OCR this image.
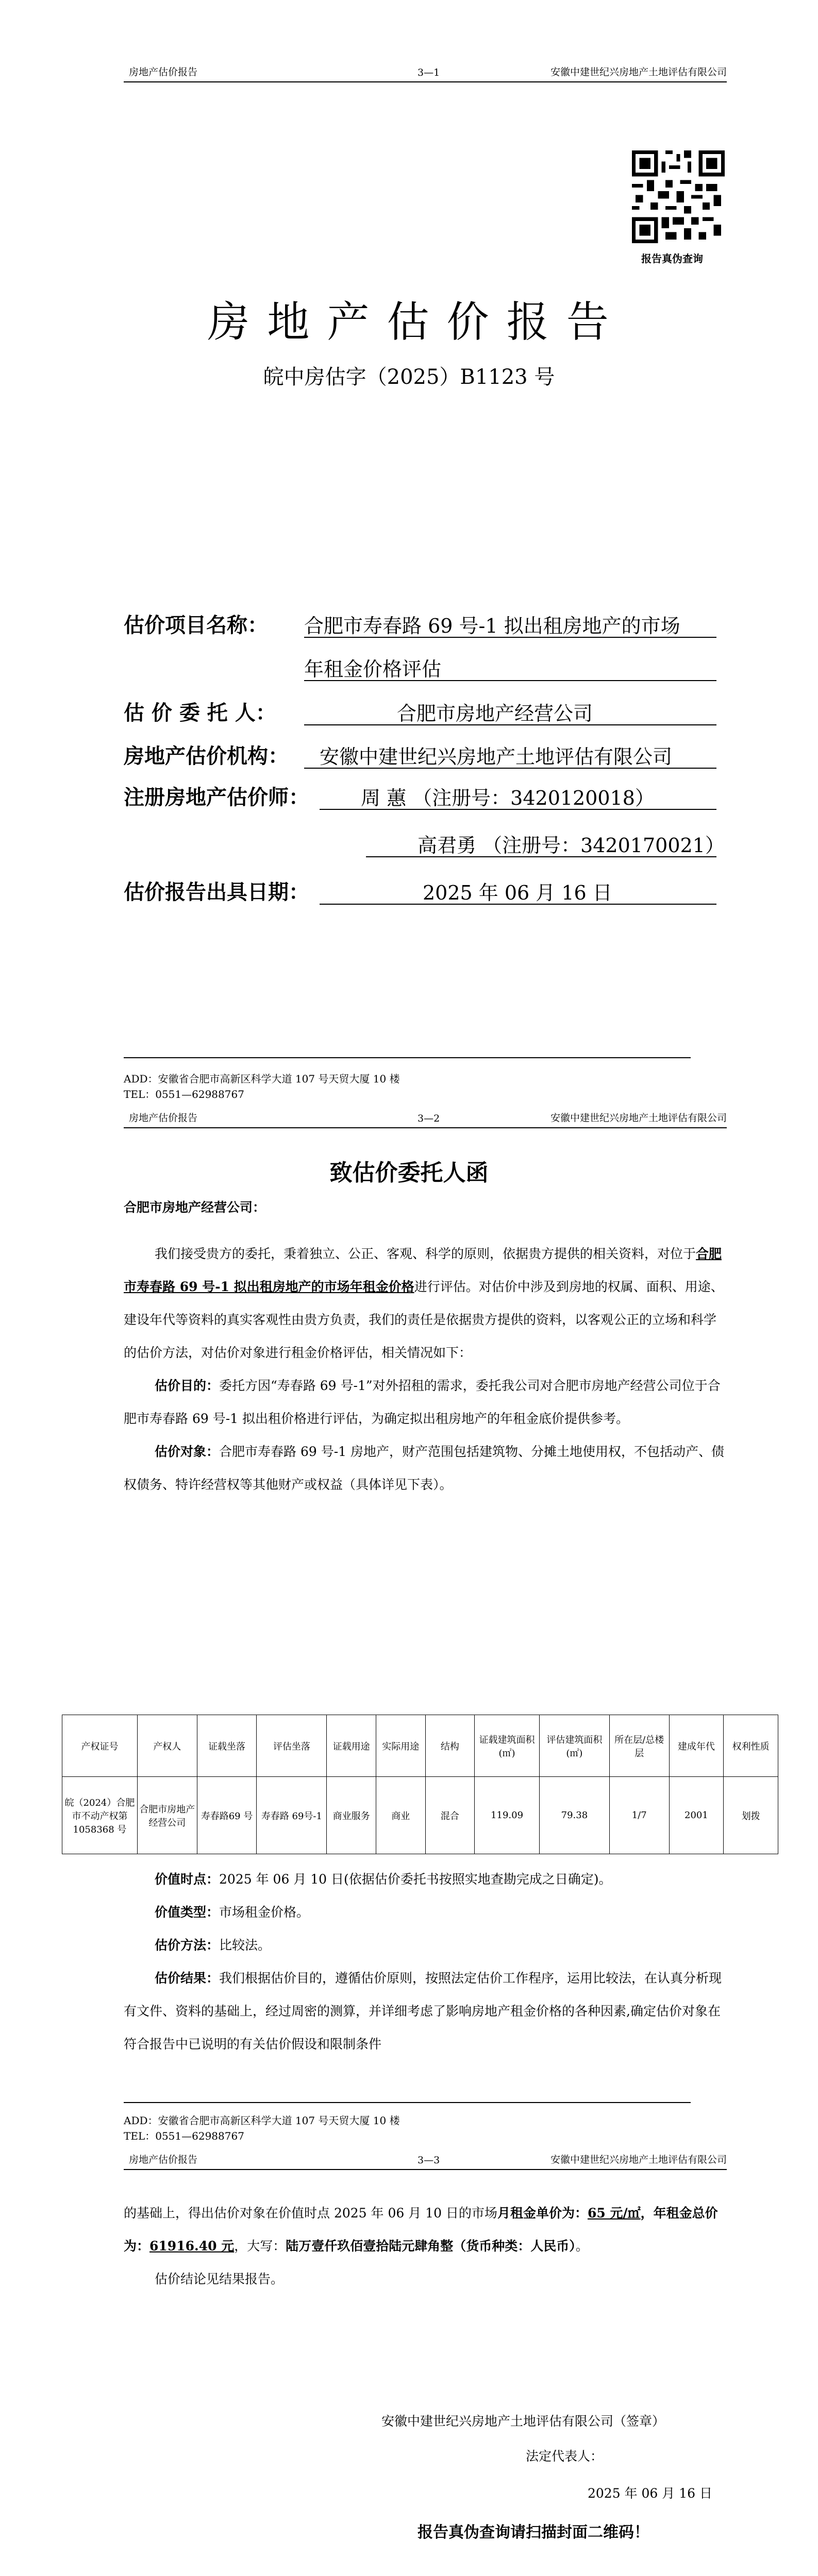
房地产估价报告	3—1	安徽中建世纪兴房地产土地评估有限公司
报告真伪查询
房 地 产 估 价 报 告
皖中房估字（2025）B1123 号
估价项目名称： 合肥市寿春路 69 号-1 拟出租房地产的市场
年租金价格评估
估 价 委 托 人：	合肥市房地产经营公司
房地产估价机构： 安徽中建世纪兴房地产土地评估有限公司
注册房地产估价师：	周 蕙 （注册号：3420120018）
高君勇 （注册号：3420170021）
估价报告出具日期：	2025 年 06 月 16 日
ADD：安徽省合肥市高新区科学大道 107 号天贸大厦 10 楼
TEL：0551—62988767
房地产估价报告	3—2	安徽中建世纪兴房地产土地评估有限公司
致估价委托人函
合肥市房地产经营公司：

我们接受贵方的委托，秉着独立、公正、客观、科学的原则，依据贵方提供的相关资料，对位于合肥市寿春路 69 号-1 拟出租房地产的市场年租金价格进行评估。对估价中涉及到房地的权属、面积、用途、建设年代等资料的真实客观性由贵方负责，我们的责任是依据贵方提供的资料，以客观公正的立场和科学的估价方法，对估价对象进行租金价格评估，相关情况如下：

估价目的：委托方因“寿春路 69 号-1”对外招租的需求，委托我公司对合肥市房地产经营公司位于合肥市寿春路 69 号-1 拟出租价格进行评估，为确定拟出租房地产的年租金底价提供参考。

估价对象：合肥市寿春路 69 号-1 房地产，财产范围包括建筑物、分摊土地使用权，不包括动产、债权债务、特许经营权等其他财产或权益（具体详见下表）。

产权证号	产权人	证载坐落	评估坐落	证载用途	实际用途	结构	证载建筑面积(㎡)	评估建筑面积(㎡)	所在层/总楼层	建成年代	权利性质
皖（2024）合肥市不动产权第1058368 号	合肥市房地产经营公司	寿春路69 号	寿春路 69号-1	商业服务	商业	混合	119.09	79.38	1/7	2001	划拨

价值时点：2025 年 06 月 10 日(依据估价委托书按照实地查勘完成之日确定)。

价值类型：市场租金价格。

估价方法：比较法。

估价结果：我们根据估价目的，遵循估价原则，按照法定估价工作程序，运用比较法，在认真分析现有文件、资料的基础上，经过周密的测算，并详细考虑了影响房地产租金价格的各种因素,确定估价对象在符合报告中已说明的有关估价假设和限制条件

ADD：安徽省合肥市高新区科学大道 107 号天贸大厦 10 楼
TEL：0551—62988767
房地产估价报告	3—3	安徽中建世纪兴房地产土地评估有限公司

的基础上，得出估价对象在价值时点 2025 年 06 月 10 日的市场月租金单价为：65 元/㎡，年租金总价为：61916.40 元，大写：陆万壹仟玖佰壹拾陆元肆角整（货币种类：人民币）。

估价结论见结果报告。

安徽中建世纪兴房地产土地评估有限公司（签章）
法定代表人：
2025 年 06 月 16 日
报告真伪查询请扫描封面二维码！
